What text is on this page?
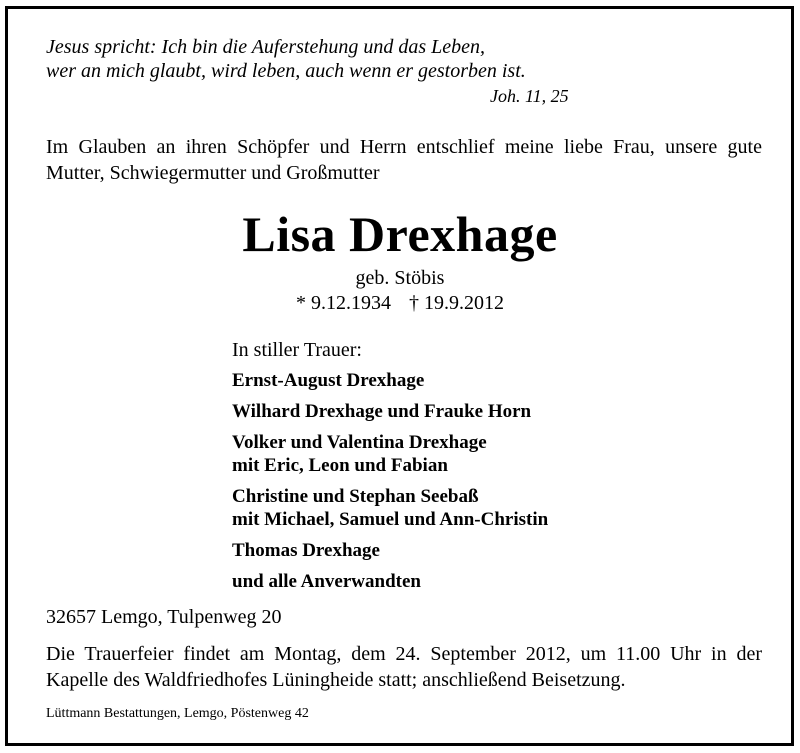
Jesus spricht: Ich bin die Auferstehung und das Leben,
wer an mich glaubt, wird leben, auch wenn er gestorben ist.
Joh. 11, 25
Im Glauben an ihren Schöpfer und Herrn entschlief meine liebe Frau, unsere gute Mutter, Schwiegermutter und Großmutter
Lisa Drexhage
geb. Stöbis
* 9.12.1934 † 19.9.2012
In stiller Trauer:
Ernst-August Drexhage
Wilhard Drexhage und Frauke Horn
Volker und Valentina Drexhage
mit Eric, Leon und Fabian
Christine und Stephan Seebaß
mit Michael, Samuel und Ann-Christin
Thomas Drexhage
und alle Anverwandten
32657 Lemgo, Tulpenweg 20
Die Trauerfeier findet am Montag, dem 24. September 2012, um 11.00 Uhr in der Kapelle des Waldfriedhofes Lüningheide statt; anschließend Beisetzung.
Lüttmann Bestattungen, Lemgo, Pöstenweg 42
